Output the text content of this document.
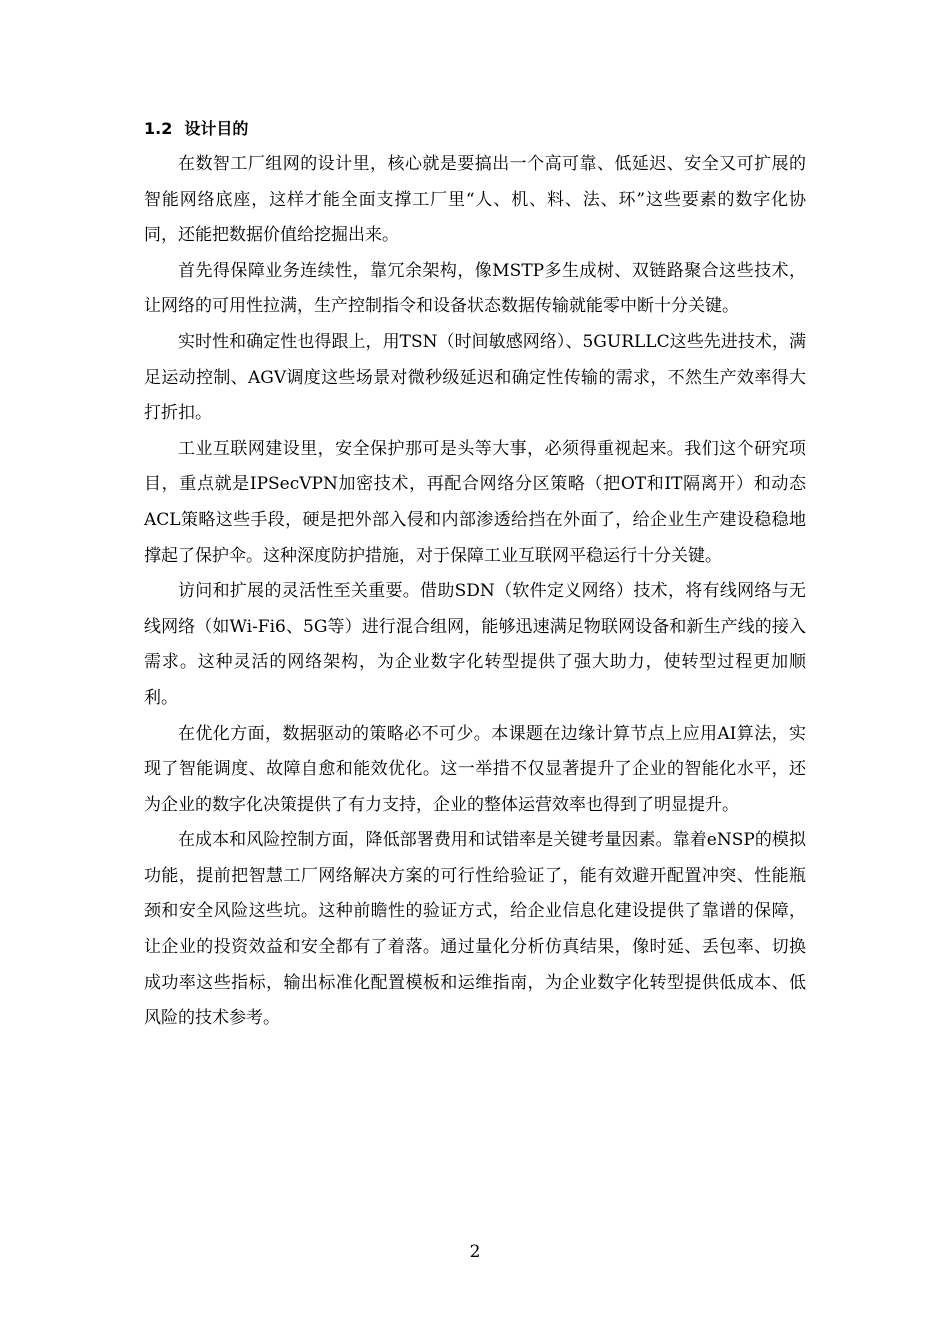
1.2 设计目的

在数智工厂组网的设计里，核心就是要搞出一个高可靠、低延迟、安全又可扩展的智能网络底座，这样才能全面支撑工厂里“人、机、料、法、环”这些要素的数字化协同，还能把数据价值给挖掘出来。

首先得保障业务连续性，靠冗余架构，像MSTP多生成树、双链路聚合这些技术，让网络的可用性拉满，生产控制指令和设备状态数据传输就能零中断十分关键。

实时性和确定性也得跟上，用TSN（时间敏感网络）、5GURLLC这些先进技术，满足运动控制、AGV调度这些场景对微秒级延迟和确定性传输的需求，不然生产效率得大打折扣。

工业互联网建设里，安全保护那可是头等大事，必须得重视起来。我们这个研究项目，重点就是IPSecVPN加密技术，再配合网络分区策略（把OT和IT隔离开）和动态ACL策略这些手段，硬是把外部入侵和内部渗透给挡在外面了，给企业生产建设稳稳地撑起了保护伞。这种深度防护措施，对于保障工业互联网平稳运行十分关键。

访问和扩展的灵活性至关重要。借助SDN（软件定义网络）技术，将有线网络与无线网络（如Wi-Fi6、5G等）进行混合组网，能够迅速满足物联网设备和新生产线的接入需求。这种灵活的网络架构，为企业数字化转型提供了强大助力，使转型过程更加顺利。

在优化方面，数据驱动的策略必不可少。本课题在边缘计算节点上应用AI算法，实现了智能调度、故障自愈和能效优化。这一举措不仅显著提升了企业的智能化水平，还为企业的数字化决策提供了有力支持，企业的整体运营效率也得到了明显提升。

在成本和风险控制方面，降低部署费用和试错率是关键考量因素。靠着eNSP的模拟功能，提前把智慧工厂网络解决方案的可行性给验证了，能有效避开配置冲突、性能瓶颈和安全风险这些坑。这种前瞻性的验证方式，给企业信息化建设提供了靠谱的保障，让企业的投资效益和安全都有了着落。通过量化分析仿真结果，像时延、丢包率、切换成功率这些指标，输出标准化配置模板和运维指南，为企业数字化转型提供低成本、低风险的技术参考。

2
